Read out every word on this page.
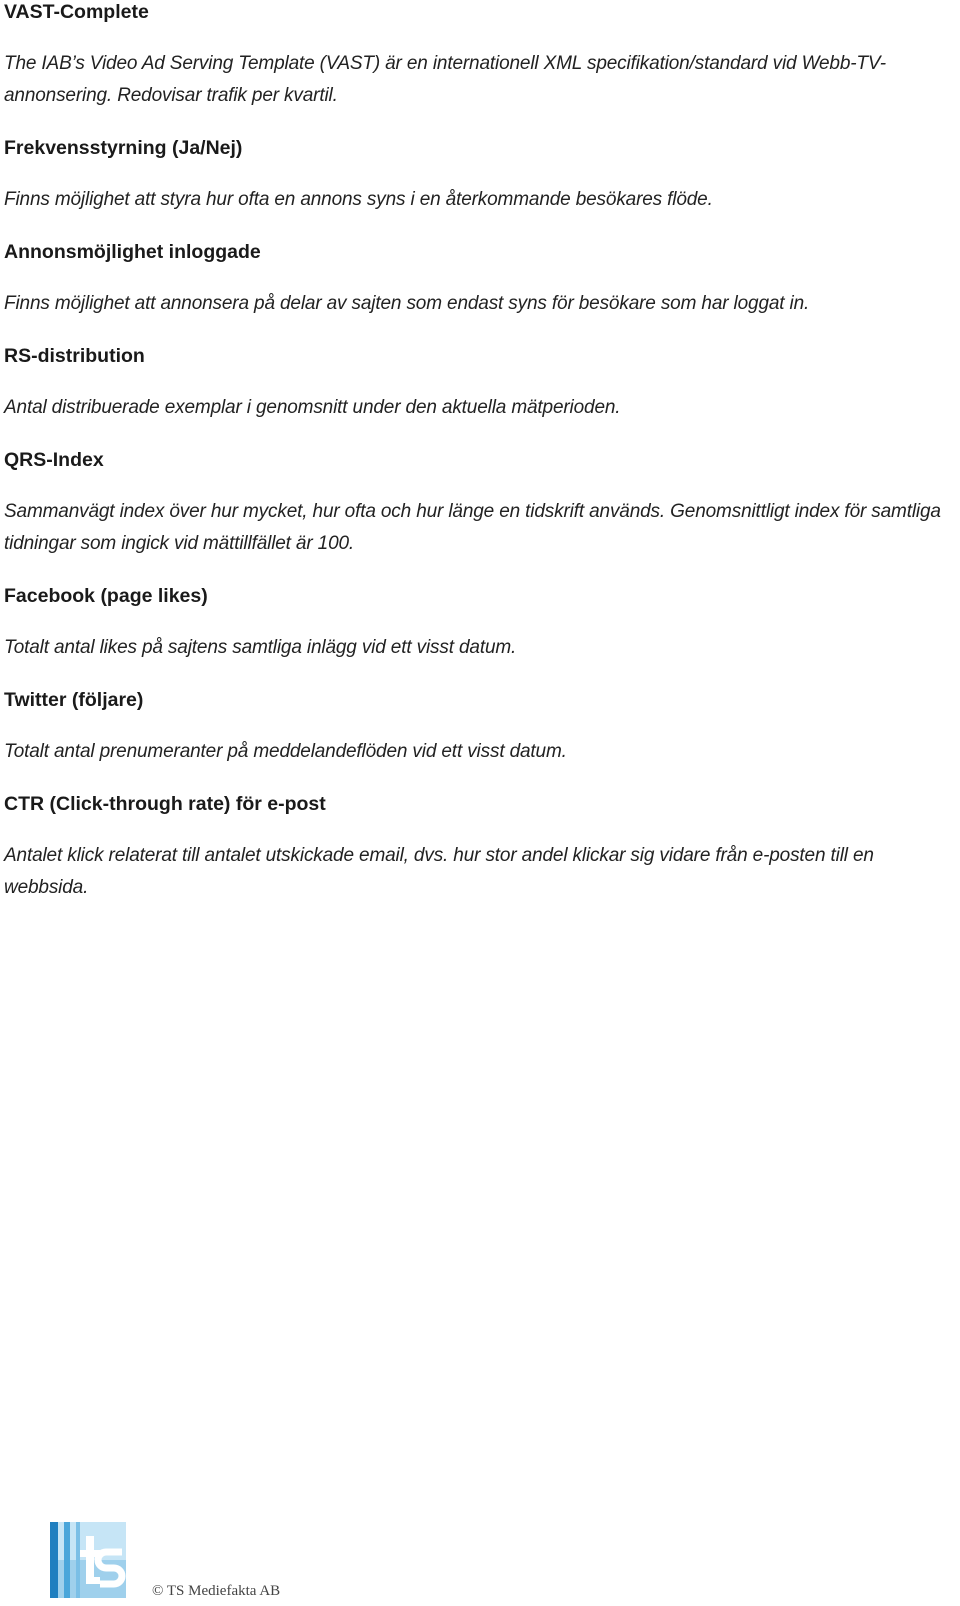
VAST-Complete

The IAB’s Video Ad Serving Template (VAST) är en internationell XML specifikation/standard vid Webb-TV-annonsering. Redovisar trafik per kvartil.

Frekvensstyrning (Ja/Nej)

Finns möjlighet att styra hur ofta en annons syns i en återkommande besökares flöde.

Annonsmöjlighet inloggade

Finns möjlighet att annonsera på delar av sajten som endast syns för besökare som har loggat in.

RS-distribution

Antal distribuerade exemplar i genomsnitt under den aktuella mätperioden.

QRS-Index

Sammanvägt index över hur mycket, hur ofta och hur länge en tidskrift används. Genomsnittligt index för samtliga tidningar som ingick vid mättillfället är 100.

Facebook (page likes)

Totalt antal likes på sajtens samtliga inlägg vid ett visst datum.

Twitter (följare)

Totalt antal prenumeranter på meddelandeflöden vid ett visst datum.

CTR (Click-through rate) för e-post

Antalet klick relaterat till antalet utskickade email, dvs. hur stor andel klickar sig vidare från e-posten till en webbsida.

© TS Mediefakta AB
